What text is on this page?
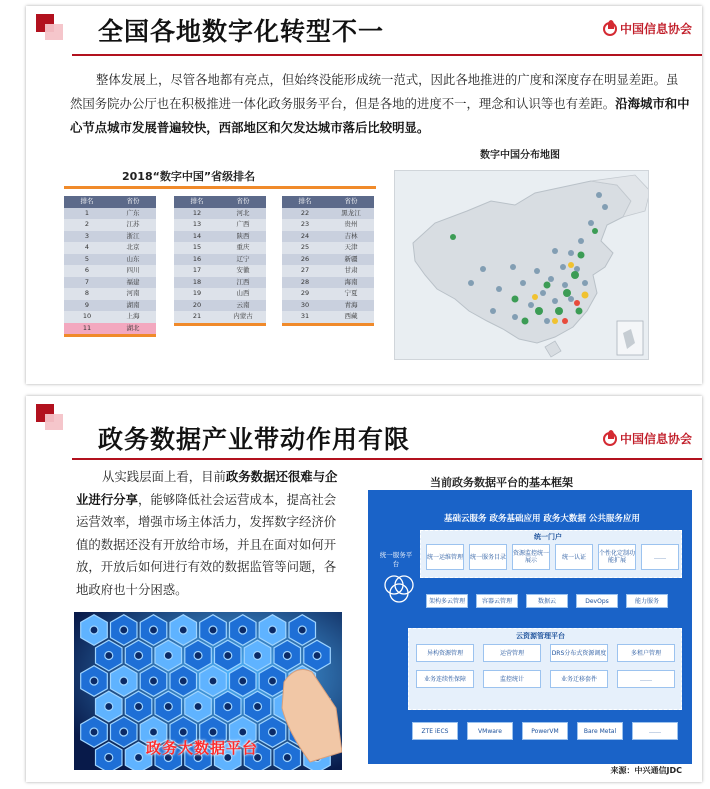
全国各地数字化转型不一	中国信息协会
整体发展上，尽管各地都有亮点，但始终没能形成统一范式，因此各地推进的广度和深度存在明显差距。虽然国务院办公厅也在积极推进一体化政务服务平台，但是各地的进度不一，理念和认识等也有差距。沿海城市和中心节点城市发展普遍较快，西部地区和欠发达城市落后比较明显。
2018“数字中国”省级排名
排名	省份
1	广东
2	江苏
3	浙江
4	北京
5	山东
6	四川
7	福建
8	河南
9	湖南
10	上海
11	湖北
排名	省份
12	河北
13	广西
14	陕西
15	重庆
16	辽宁
17	安徽
18	江西
19	山西
20	云南
21	内蒙古
排名	省份
22	黑龙江
23	贵州
24	吉林
25	天津
26	新疆
27	甘肃
28	海南
29	宁夏
30	青海
31	西藏
数字中国分布地图
政务数据产业带动作用有限	中国信息协会
从实践层面上看，目前政务数据还很难与企业进行分享，能够降低社会运营成本，提高社会运营效率，增强市场主体活力，发挥数字经济价值的数据还没有开放给市场，并且在面对如何开放，开放后如何进行有效的数据监管等问题，各地政府也十分困惑。
政务大数据平台
当前政务数据平台的基本框架
基础云服务 政务基础应用 政务大数据 公共服务应用
统一服务平台
统一门户
统一运维管理 统一服务目录 资源监控统一展示	统一认证	个性化定制功能扩展	……
架构多云管理	容器云管理	数据云	DevOps	能力服务
云资源管理平台
异构资源管理	运营管理	DRS分布式资源调度	多租户管理
业务连续性保障	监控统计	业务迁移套件	……
ZTE iECS	VMware	PowerVM	Bare Metal	……
来源：中兴通信JDC
